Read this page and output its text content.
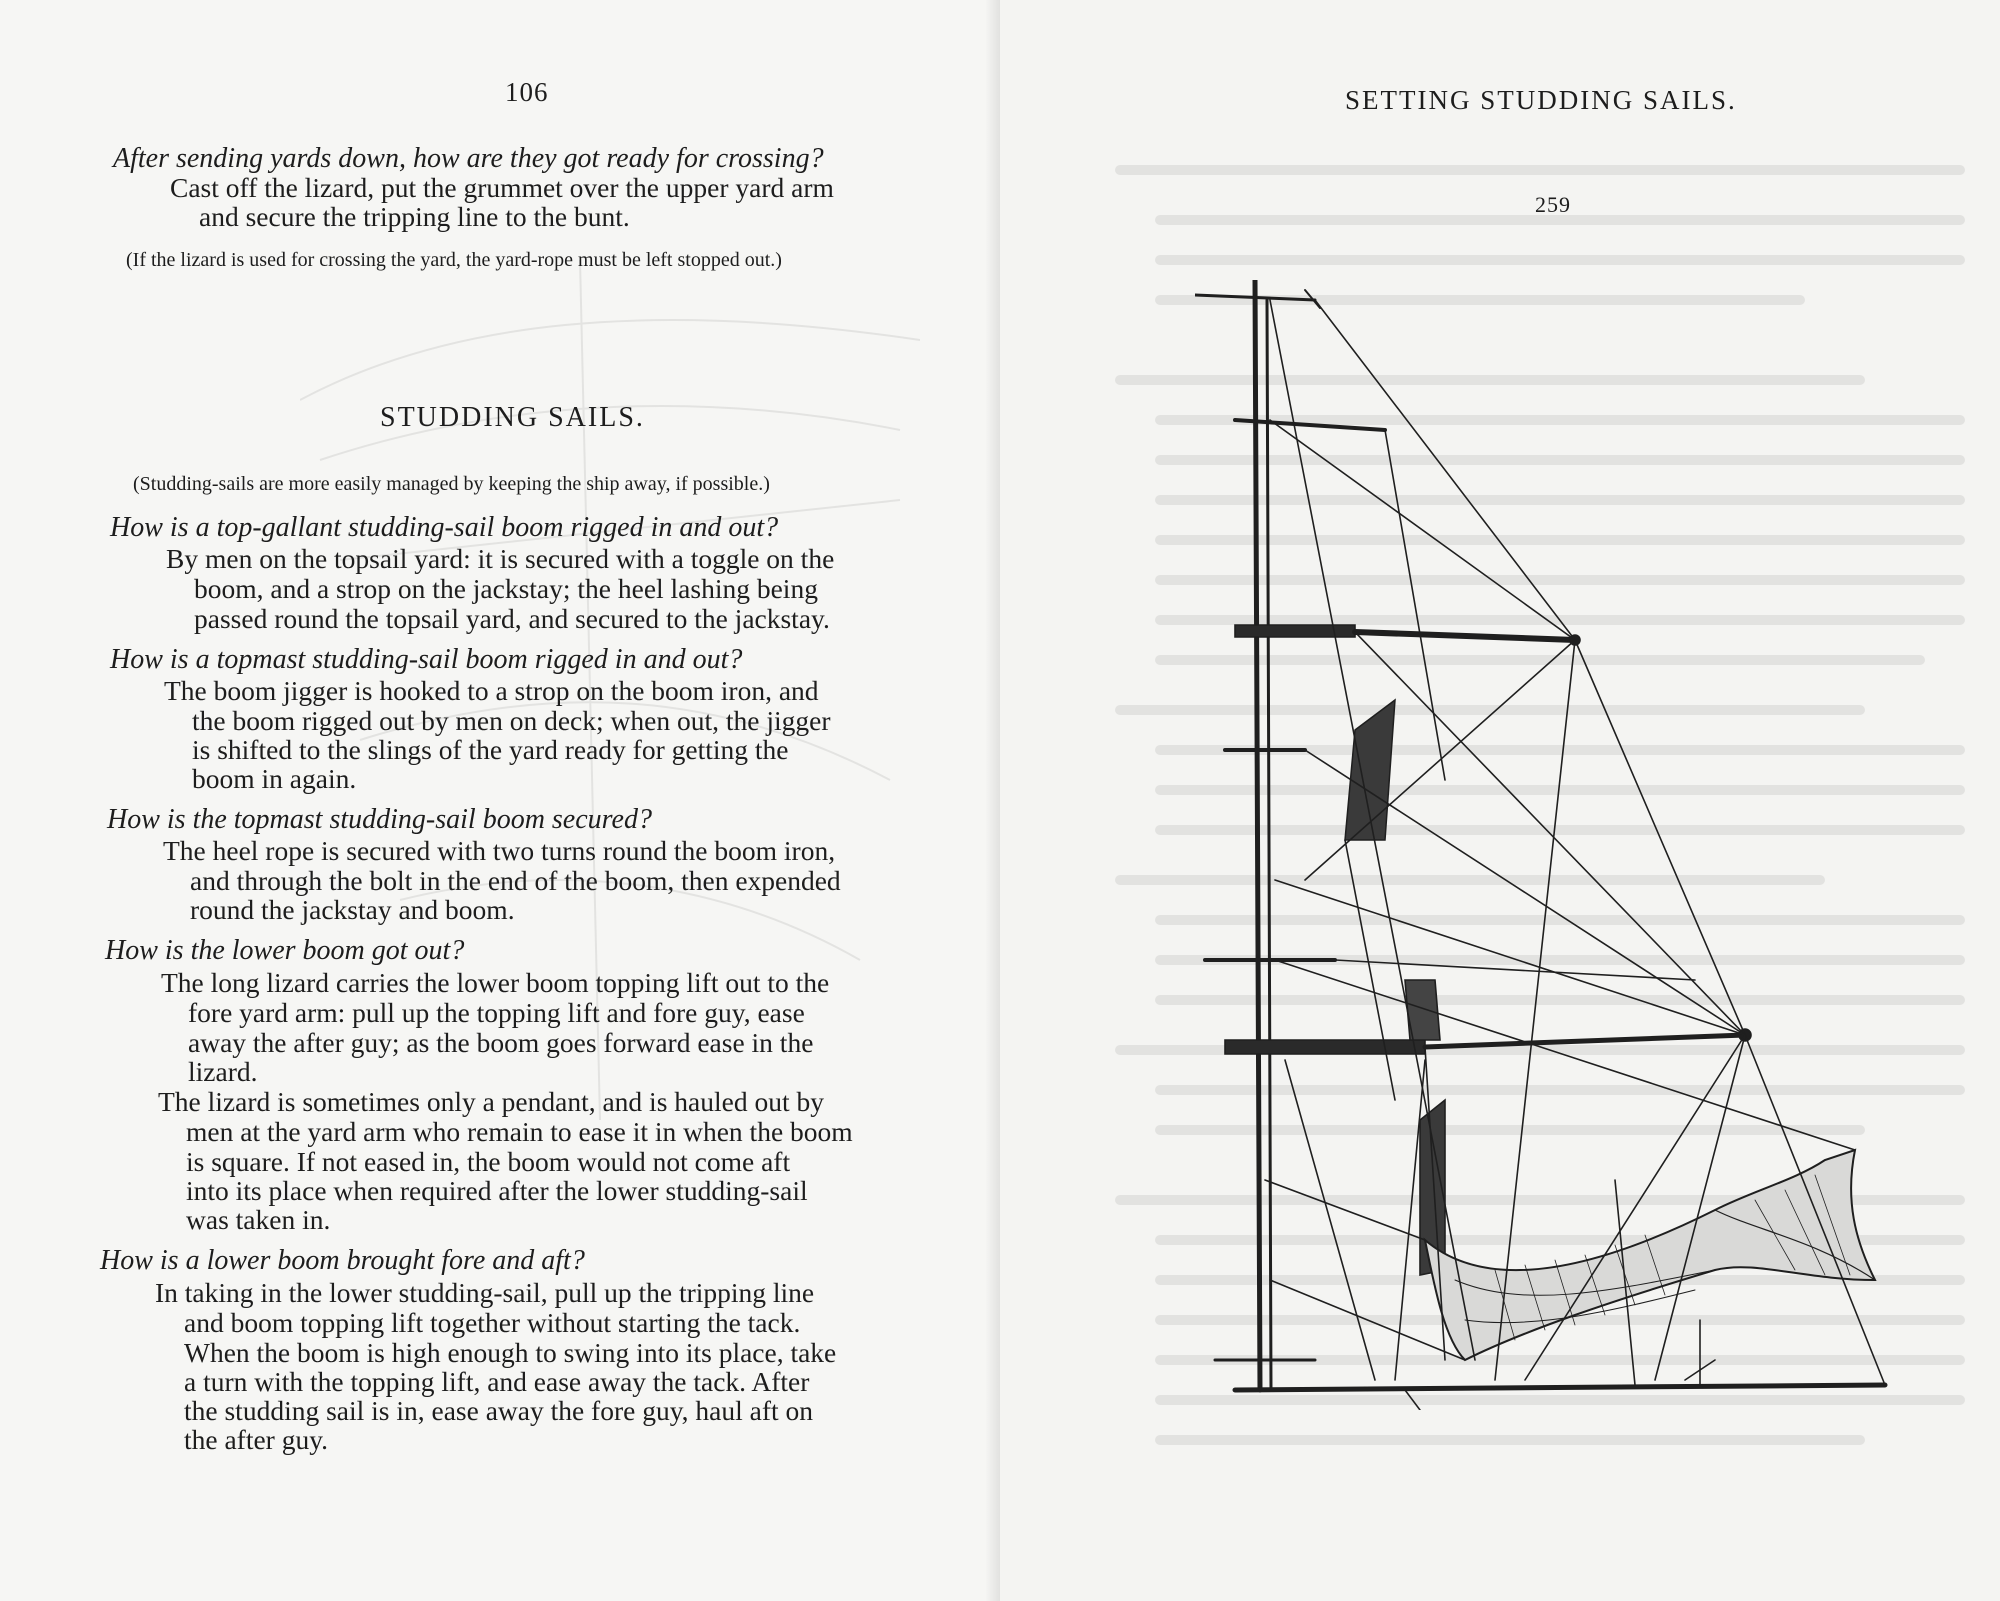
106
After sending yards down, how are they got ready for crossing?
Cast off the lizard, put the grummet over the upper yard arm
and secure the tripping line to the bunt.
(If the lizard is used for crossing the yard, the yard-rope must be left stopped out.)
STUDDING SAILS.
(Studding-sails are more easily managed by keeping the ship away, if possible.)
How is a top-gallant studding-sail boom rigged in and out?
By men on the topsail yard: it is secured with a toggle on the
boom, and a strop on the jackstay; the heel lashing being
passed round the topsail yard, and secured to the jackstay.
How is a topmast studding-sail boom rigged in and out?
The boom jigger is hooked to a strop on the boom iron, and
the boom rigged out by men on deck; when out, the jigger
is shifted to the slings of the yard ready for getting the
boom in again.
How is the topmast studding-sail boom secured?
The heel rope is secured with two turns round the boom iron,
and through the bolt in the end of the boom, then expended
round the jackstay and boom.
How is the lower boom got out?
The long lizard carries the lower boom topping lift out to the
fore yard arm: pull up the topping lift and fore guy, ease
away the after guy; as the boom goes forward ease in the
lizard.
The lizard is sometimes only a pendant, and is hauled out by
men at the yard arm who remain to ease it in when the boom
is square. If not eased in, the boom would not come aft
into its place when required after the lower studding-sail
was taken in.
How is a lower boom brought fore and aft?
In taking in the lower studding-sail, pull up the tripping line
and boom topping lift together without starting the tack.
When the boom is high enough to swing into its place, take
a turn with the topping lift, and ease away the tack. After
the studding sail is in, ease away the fore guy, haul aft on
the after guy.
SETTING STUDDING SAILS.
259
